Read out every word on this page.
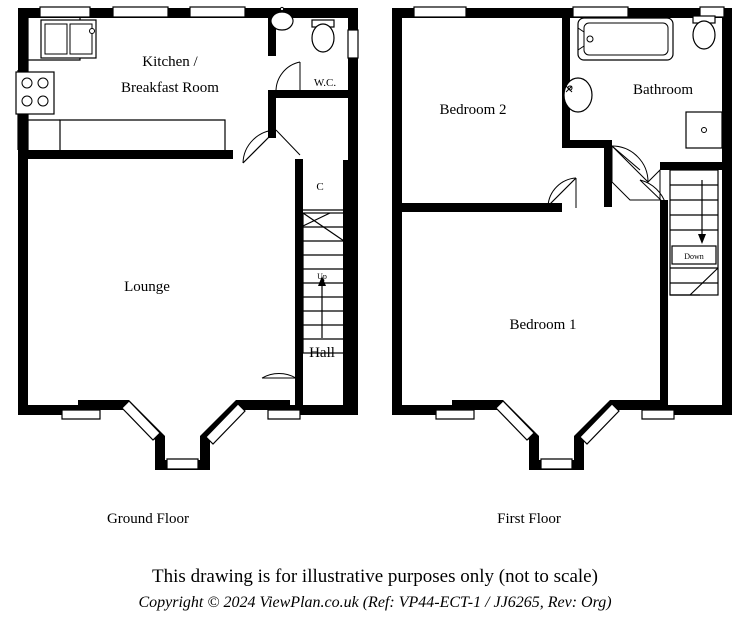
Up
Kitchen /
Breakfast Room	W.C.
Lounge
Hall
C
Ground Floor
Down
Bedroom 2
Bathroom
Bedroom 1
First Floor
This drawing is for illustrative purposes only (not to scale)
Copyright © 2024 ViewPlan.co.uk (Ref: VP44-ECT-1 / JJ6265, Rev: Org)
